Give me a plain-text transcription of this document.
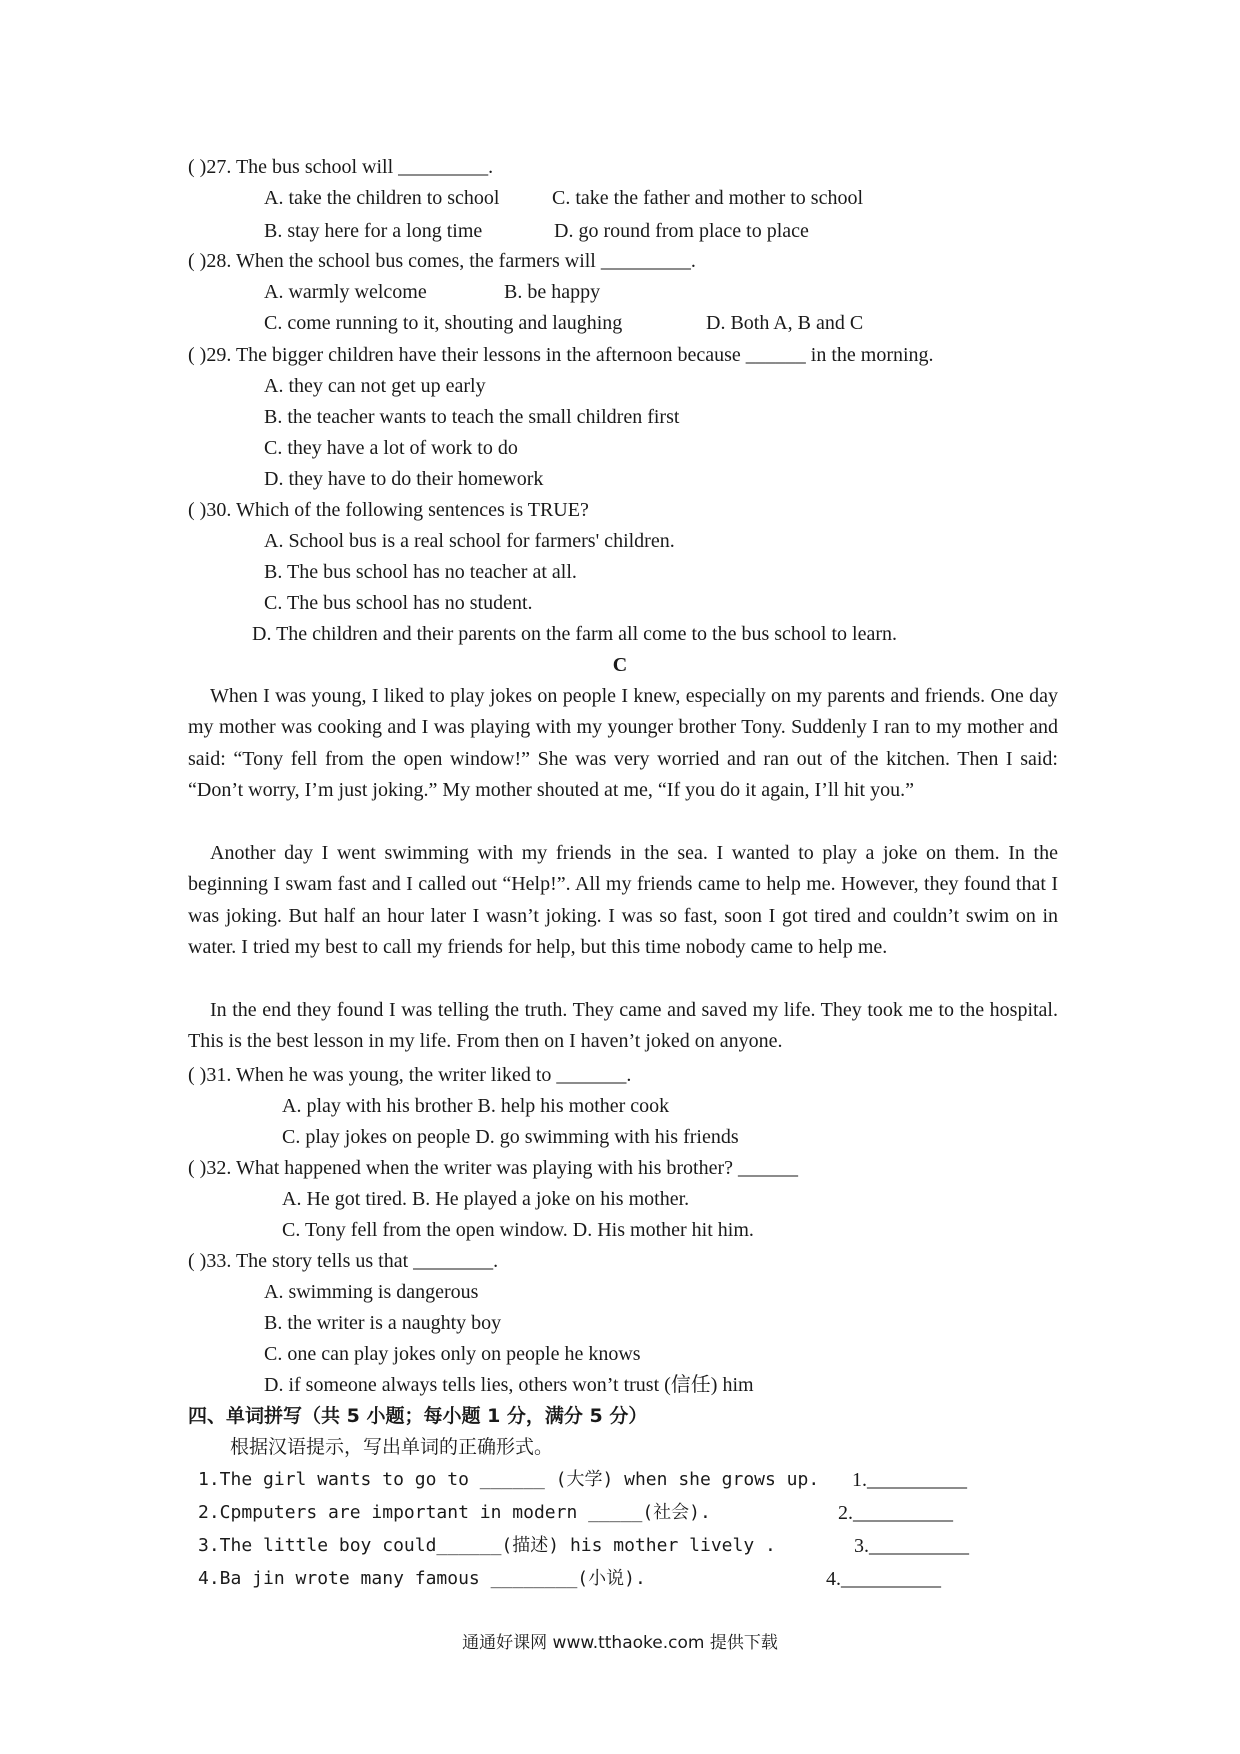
( )27. The bus school will _________.
A. take the children to school	C. take the father and mother to school
B. stay here for a long time	D. go round from place to place
( )28. When the school bus comes, the farmers will _________.
A. warmly welcome	B. be happy
C. come running to it, shouting and laughing	D. Both A, B and C
( )29. The bigger children have their lessons in the afternoon because ______ in the morning.
A. they can not get up early
B. the teacher wants to teach the small children first
C. they have a lot of work to do
D. they have to do their homework
( )30. Which of the following sentences is TRUE?
A. School bus is a real school for farmers' children.
B. The bus school has no teacher at all.
C. The bus school has no student.
D. The children and their parents on the farm all come to the bus school to learn.
C
When I was young, I liked to play jokes on people I knew, especially on my parents and friends. One day my mother was cooking and I was playing with my younger brother Tony. Suddenly I ran to my mother and said: “Tony fell from the open window!” She was very worried and ran out of the kitchen. Then I said: “Don’t worry, I’m just joking.” My mother shouted at me, “If you do it again, I’ll hit you.”
Another day I went swimming with my friends in the sea. I wanted to play a joke on them. In the beginning I swam fast and I called out “Help!”. All my friends came to help me. However, they found that I was joking. But half an hour later I wasn’t joking. I was so fast, soon I got tired and couldn’t swim on in water. I tried my best to call my friends for help, but this time nobody came to help me.
In the end they found I was telling the truth. They came and saved my life. They took me to the hospital. This is the best lesson in my life. From then on I haven’t joked on anyone.
( )31. When he was young, the writer liked to _______.
A. play with his brother B. help his mother cook
C. play jokes on people D. go swimming with his friends
( )32. What happened when the writer was playing with his brother? ______
A. He got tired. B. He played a joke on his mother.
C. Tony fell from the open window. D. His mother hit him.
( )33. The story tells us that ________.
A. swimming is dangerous
B. the writer is a naughty boy
C. one can play jokes only on people he knows
D. if someone always tells lies, others won’t trust (信任) him
四、单词拼写（共 5 小题；每小题 1 分，满分 5 分）
根据汉语提示，写出单词的正确形式。
1.The girl wants to go to ______ (大学) when she grows up. 1.__________
2.Cpmputers are important in modern _____(社会).	2.__________
3.The little boy could______(描述) his mother lively .	3.__________
4.Ba jin wrote many famous ________(小说).	4.__________
通通好课网 www.tthaoke.com 提供下载
